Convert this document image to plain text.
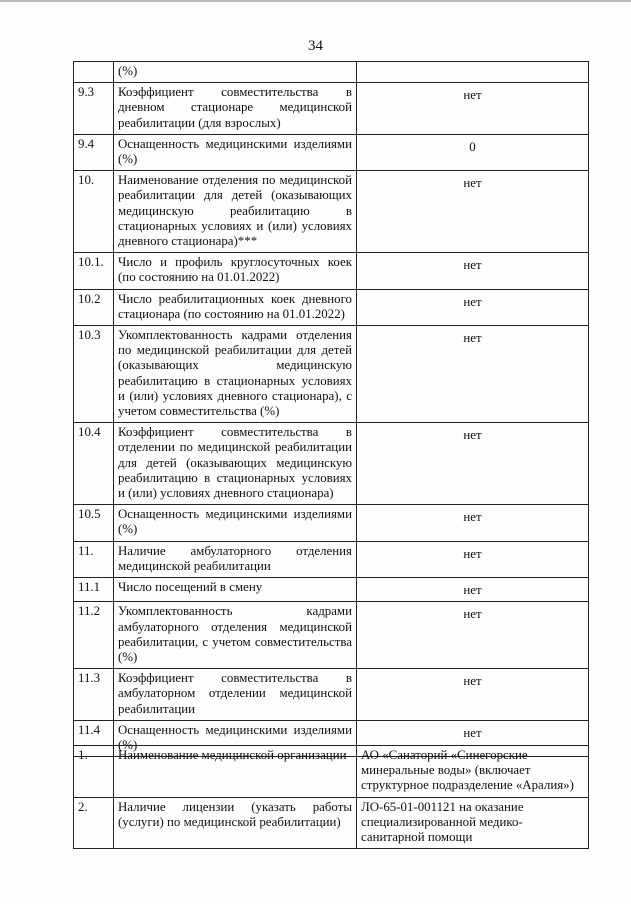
34
	(%)	
9.3	Коэффициент совместительства в дневном стационаре медицинской реабилитации (для взрослых)	нет
9.4	Оснащенность медицинскими изделиями (%)	0
10.	Наименование отделения по медицинской реабилитации для детей (оказывающих медицинскую реабилитацию в стационарных условиях и (или) условиях дневного стационара)***	нет
10.1.	Число и профиль круглосуточных коек (по состоянию на 01.01.2022)	нет
10.2	Число реабилитационных коек дневного стационара (по состоянию на 01.01.2022)	нет
10.3	Укомплектованность кадрами отделения по медицинской реабилитации для детей (оказывающих медицинскую реабилитацию в стационарных условиях и (или) условиях дневного стационара), с учетом совместительства (%)	нет
10.4	Коэффициент совместительства в отделении по медицинской реабилитации для детей (оказывающих медицинскую реабилитацию в стационарных условиях и (или) условиях дневного стационара)	нет
10.5	Оснащенность медицинскими изделиями (%)	нет
11.	Наличие амбулаторного отделения медицинской реабилитации	нет
11.1	Число посещений в смену	нет
11.2	Укомплектованность кадрами амбулаторного отделения медицинской реабилитации, с учетом совместительства (%)	нет
11.3	Коэффициент совместительства в амбулаторном отделении медицинской реабилитации	нет
11.4	Оснащенность медицинскими изделиями (%)	нет
1.	Наименование медицинской организации	АО «Санаторий «Синегорские минеральные воды» (включает структурное подразделение «Аралия»)
2.	Наличие лицензии (указать работы (услуги) по медицинской реабилитации)	ЛО-65-01-001121 на оказание специализированной медико-санитарной помощи
